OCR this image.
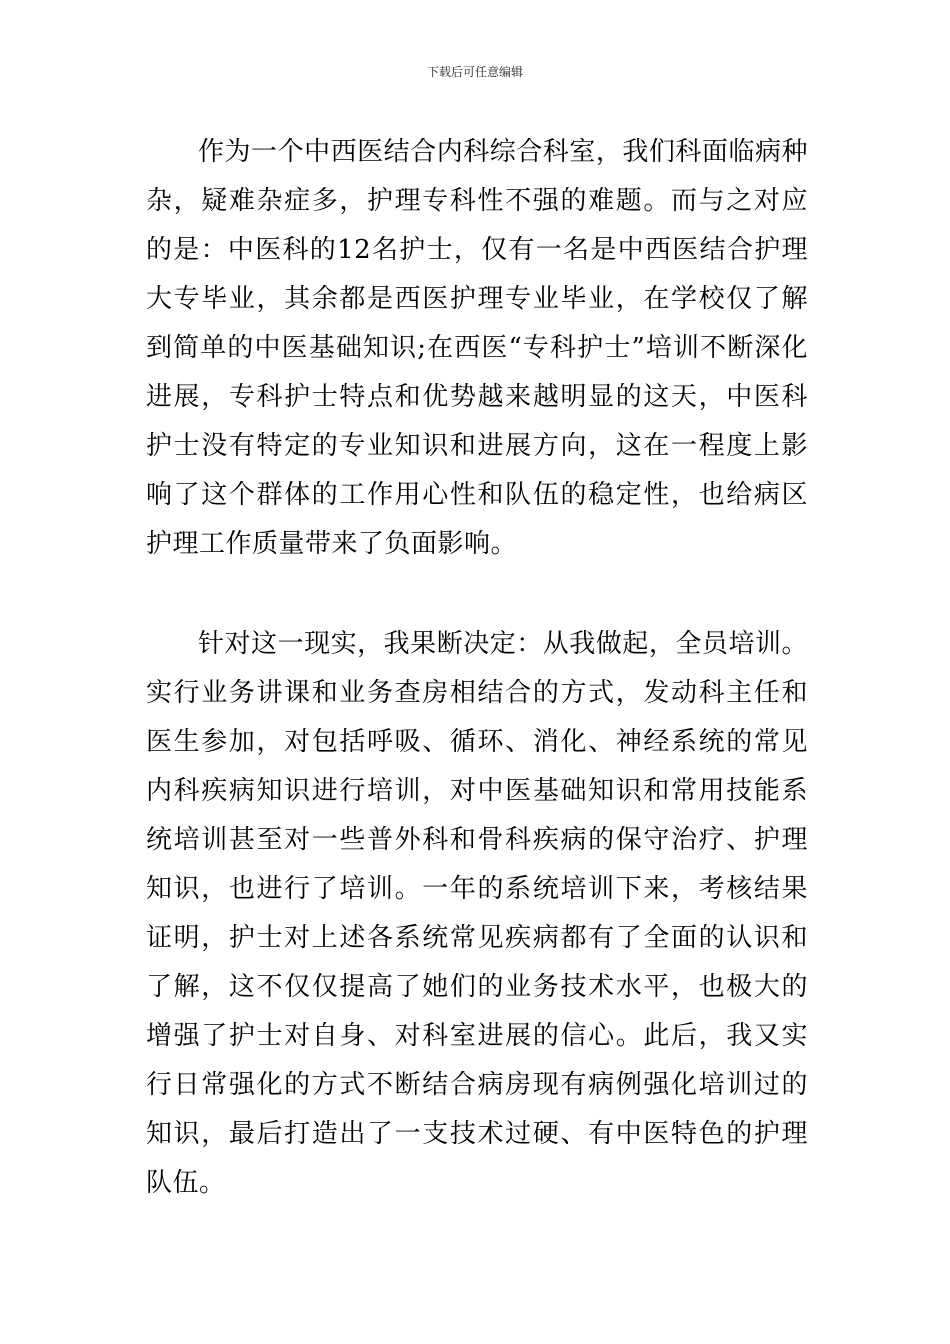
下载后可任意编辑

作为一个中西医结合内科综合科室，我们科面临病种杂，疑难杂症多，护理专科性不强的难题。而与之对应的是：中医科的12名护士，仅有一名是中西医结合护理大专毕业，其余都是西医护理专业毕业，在学校仅了解到简单的中医基础知识;在西医“专科护士”培训不断深化进展，专科护士特点和优势越来越明显的这天，中医科护士没有特定的专业知识和进展方向，这在一程度上影响了这个群体的工作用心性和队伍的稳定性，也给病区护理工作质量带来了负面影响。

针对这一现实，我果断决定：从我做起，全员培训。实行业务讲课和业务查房相结合的方式，发动科主任和医生参加，对包括呼吸、循环、消化、神经系统的常见内科疾病知识进行培训，对中医基础知识和常用技能系统培训甚至对一些普外科和骨科疾病的保守治疗、护理知识，也进行了培训。一年的系统培训下来，考核结果证明，护士对上述各系统常见疾病都有了全面的认识和了解，这不仅仅提高了她们的业务技术水平，也极大的增强了护士对自身、对科室进展的信心。此后，我又实行日常强化的方式不断结合病房现有病例强化培训过的知识，最后打造出了一支技术过硬、有中医特色的护理队伍。
